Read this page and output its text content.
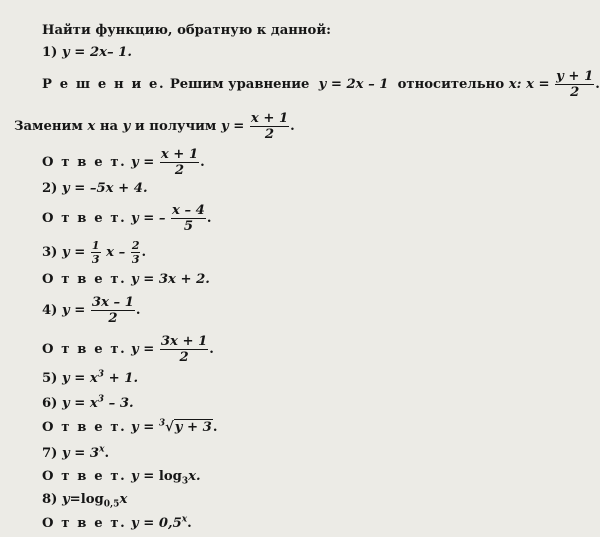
Найти функцию, обратную к данной:
1) y = 2x– 1.
Р е ш е н и е. Решим уравнение y = 2x – 1 относительно x: $x = \frac{y + 1}{2}$ .
Заменим x на y и получим $y = \frac{x + 1}{2}$ .
О т в е т. $y = \frac{x + 1}{2}$ .
2) y = –5x + 4.
О т в е т. y = – $\frac{x - 4}{5}$ .
3) $y = \frac{1}{3}$ x – $\frac{2}{3}$ .
О т в е т. y = 3x + 2.
4) $y = \frac{3x - 1}{2}$ .
О т в е т. $y = \frac{3x + 1}{2}$ .
5) $y = x^3 + 1$.
6) $y = x^3 - 3$.
О т в е т. y = $^3$√y + 3.
7) $y = 3^x$.
О т в е т. $y = \log_3x$.
8) $y=\log_{0,5}x$
О т в е т. $y = 0,5^x$.
